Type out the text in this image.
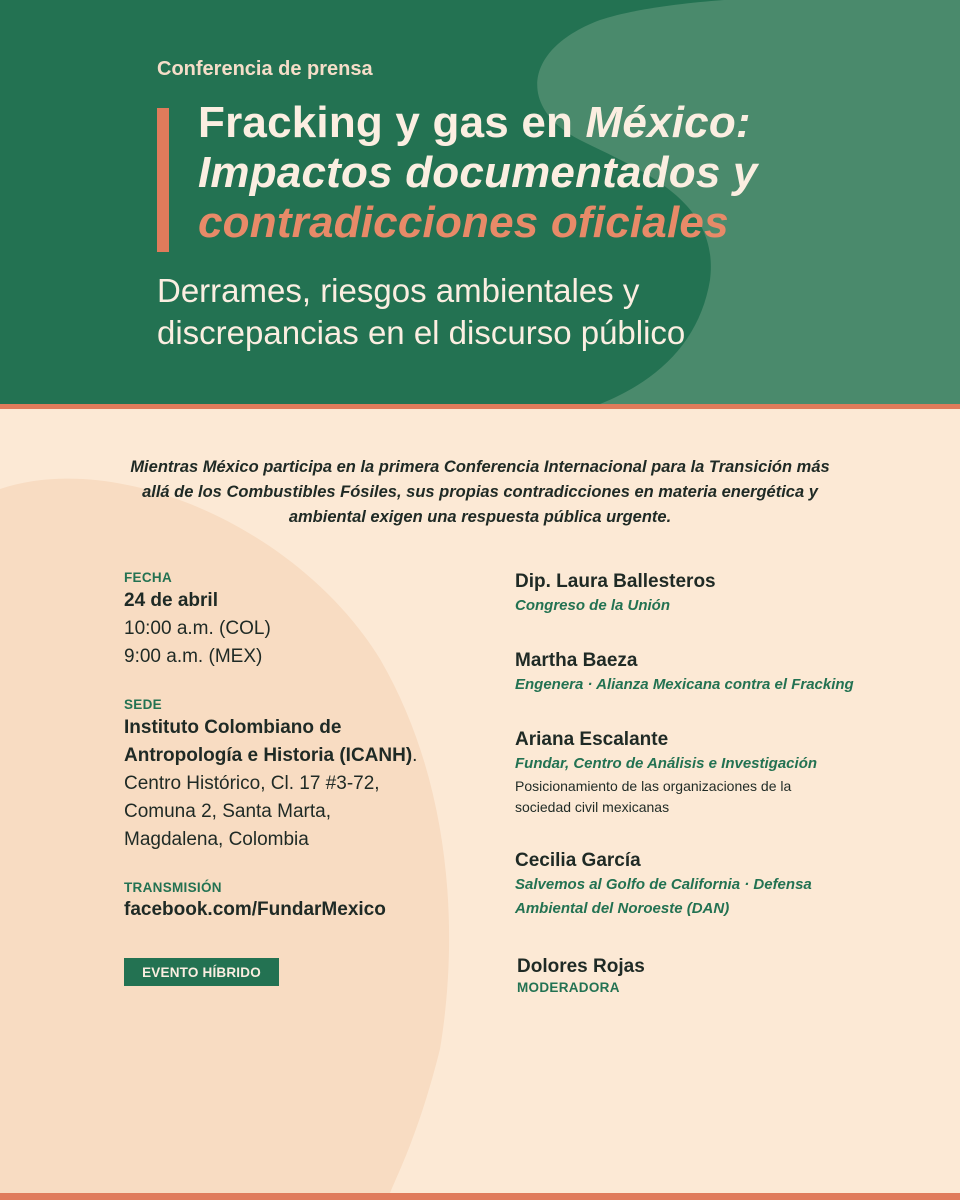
Conferencia de prensa

Fracking y gas en México:
Impactos documentados y
contradicciones oficiales

Derrames, riesgos ambientales y discrepancias en el discurso público

Mientras México participa en la primera Conferencia Internacional para la Transición más allá de los Combustibles Fósiles, sus propias contradicciones en materia energética y ambiental exigen una respuesta pública urgente.

FECHA

24 de abril

10:00 a.m. (COL)

9:00 a.m. (MEX)

SEDE

Instituto Colombiano de Antropología e Historia (ICANH).

Centro Histórico, Cl. 17 #3-72,

Comuna 2, Santa Marta,

Magdalena, Colombia

TRANSMISIÓN

facebook.com/FundarMexico

EVENTO HÍBRIDO

Dip. Laura Ballesteros

Congreso de la Unión

Martha Baeza

Engenera · Alianza Mexicana contra el Fracking

Ariana Escalante

Fundar, Centro de Análisis e Investigación

Posicionamiento de las organizaciones de la sociedad civil mexicanas

Cecilia García

Salvemos al Golfo de California · Defensa Ambiental del Noroeste (DAN)

Dolores Rojas

MODERADORA
